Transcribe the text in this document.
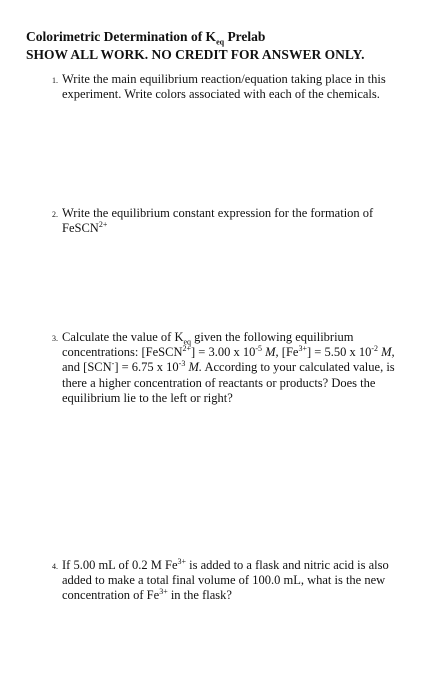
Colorimetric Determination of $K_{eq}$ Prelab
SHOW ALL WORK. NO CREDIT FOR ANSWER ONLY.
1. Write the main equilibrium reaction/equation taking place in this experiment. Write colors associated with each of the chemicals.
2. Write the equilibrium constant expression for the formation of FeSCN$^{2+}$
3. Calculate the value of $K_{eq}$ given the following equilibrium concentrations: [FeSCN$^{2+}$] = 3.00 x $10^{-5}$ M, $[Fe^{3+}] = 5.50$ x $10^{-2}$ M, and [SCN-] = 6.75 x $10^{-3}$ M. According to your calculated value, is there a higher concentration of reactants or products? Does the equilibrium lie to the left or right?
4. If 5.00 mL of 0.2 M $Fe^{3+}$ is added to a flask and nitric acid is also added to make a total final volume of 100.0 mL, what is the new concentration of $Fe^{3+}$ in the flask?
